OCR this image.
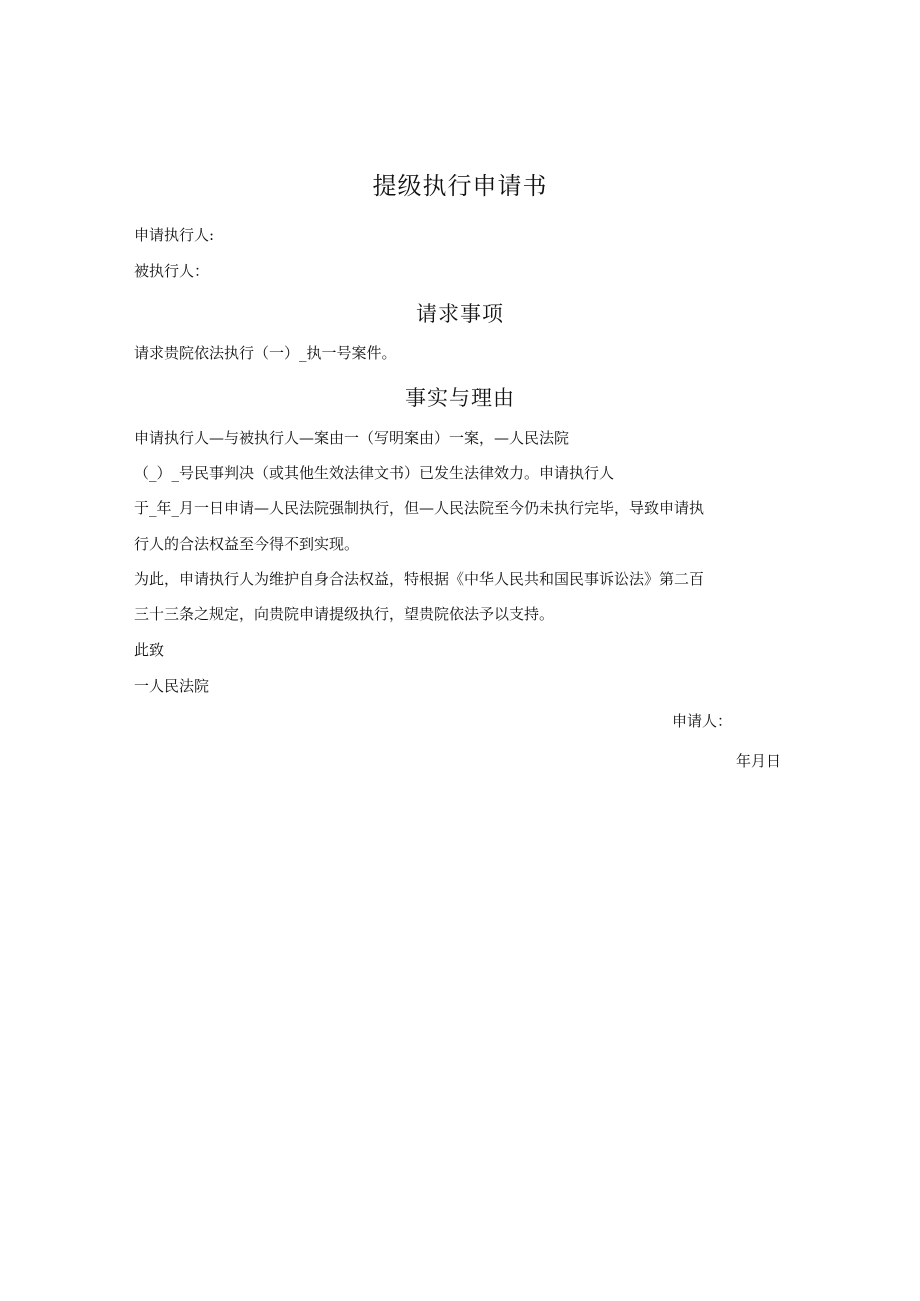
提级执行申请书
申请执行人:
被执行人：
请求事项
请求贵院依法执行（一）_执一号案件。
事实与理由
申请执行人—与被执行人—案由一（写明案由）一案，—人民法院
（_）_号民事判决（或其他生效法律文书）已发生法律效力。申请执行人
于_年_月一日申请—人民法院强制执行，但—人民法院至今仍未执行完毕，导致申请执
行人的合法权益至今得不到实现。
为此，申请执行人为维护自身合法权益，特根据《中华人民共和国民事诉讼法》第二百
三十三条之规定，向贵院申请提级执行，望贵院依法予以支持。
此致
一人民法院
申请人：
年月日
